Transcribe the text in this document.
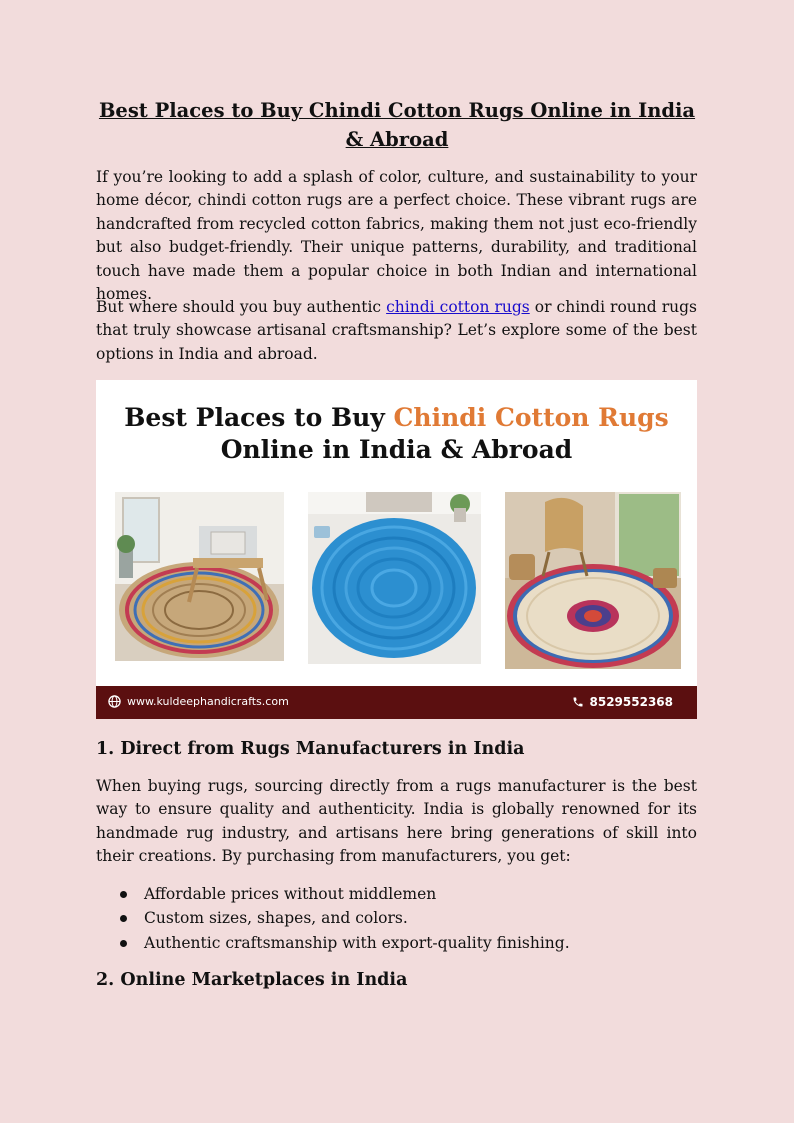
Best Places to Buy Chindi Cotton Rugs Online in India & Abroad

If you’re looking to add a splash of color, culture, and sustainability to your home décor, chindi cotton rugs are a perfect choice. These vibrant rugs are handcrafted from recycled cotton fabrics, making them not just eco-friendly but also budget-friendly. Their unique patterns, durability, and traditional touch have made them a popular choice in both Indian and international homes.

But where should you buy authentic chindi cotton rugs or chindi round rugs that truly showcase artisanal craftsmanship? Let’s explore some of the best options in India and abroad.

Best Places to Buy Chindi Cotton Rugs
Online in India & Abroad
www.kuldeephandicrafts.com	8529552368
1. Direct from Rugs Manufacturers in India

When buying rugs, sourcing directly from a rugs manufacturer is the best way to ensure quality and authenticity. India is globally renowned for its handmade rug industry, and artisans here bring generations of skill into their creations. By purchasing from manufacturers, you get:

Affordable prices without middlemen
Custom sizes, shapes, and colors.
Authentic craftsmanship with export-quality finishing.
2. Online Marketplaces in India
